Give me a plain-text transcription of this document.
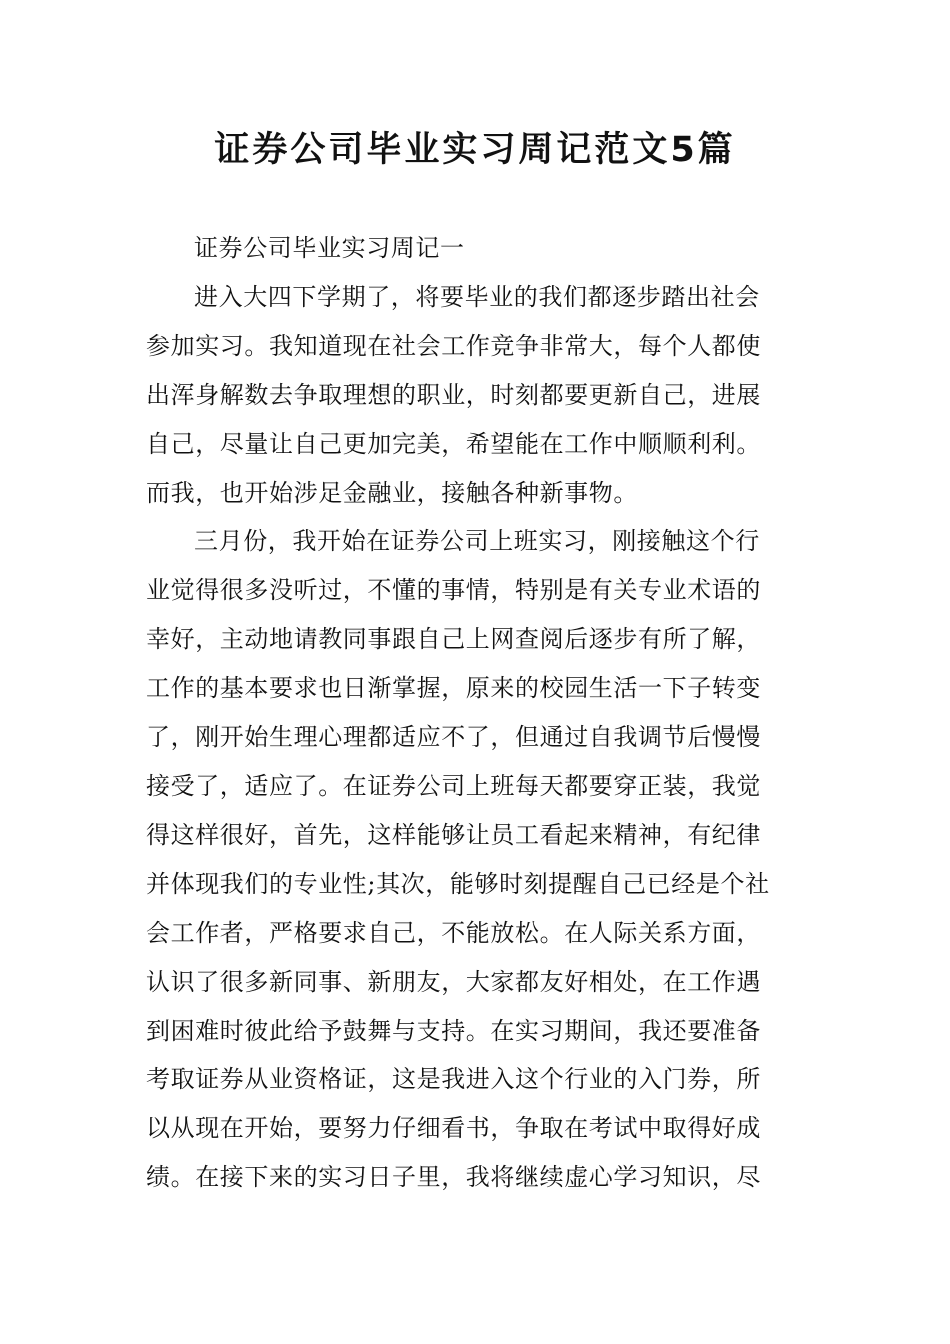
证券公司毕业实习周记范文5篇
证券公司毕业实习周记一
进入大四下学期了，将要毕业的我们都逐步踏出社会
参加实习。我知道现在社会工作竞争非常大，每个人都使
出浑身解数去争取理想的职业，时刻都要更新自己，进展
自己，尽量让自己更加完美，希望能在工作中顺顺利利。
而我，也开始涉足金融业，接触各种新事物。
三月份，我开始在证券公司上班实习，刚接触这个行
业觉得很多没听过，不懂的事情，特别是有关专业术语的
幸好，主动地请教同事跟自己上网查阅后逐步有所了解，
工作的基本要求也日渐掌握，原来的校园生活一下子转变
了，刚开始生理心理都适应不了，但通过自我调节后慢慢
接受了，适应了。在证券公司上班每天都要穿正装，我觉
得这样很好，首先，这样能够让员工看起来精神，有纪律
并体现我们的专业性;其次，能够时刻提醒自己已经是个社
会工作者，严格要求自己，不能放松。在人际关系方面，
认识了很多新同事、新朋友，大家都友好相处，在工作遇
到困难时彼此给予鼓舞与支持。在实习期间，我还要准备
考取证券从业资格证，这是我进入这个行业的入门券，所
以从现在开始，要努力仔细看书，争取在考试中取得好成
绩。在接下来的实习日子里，我将继续虚心学习知识，尽
